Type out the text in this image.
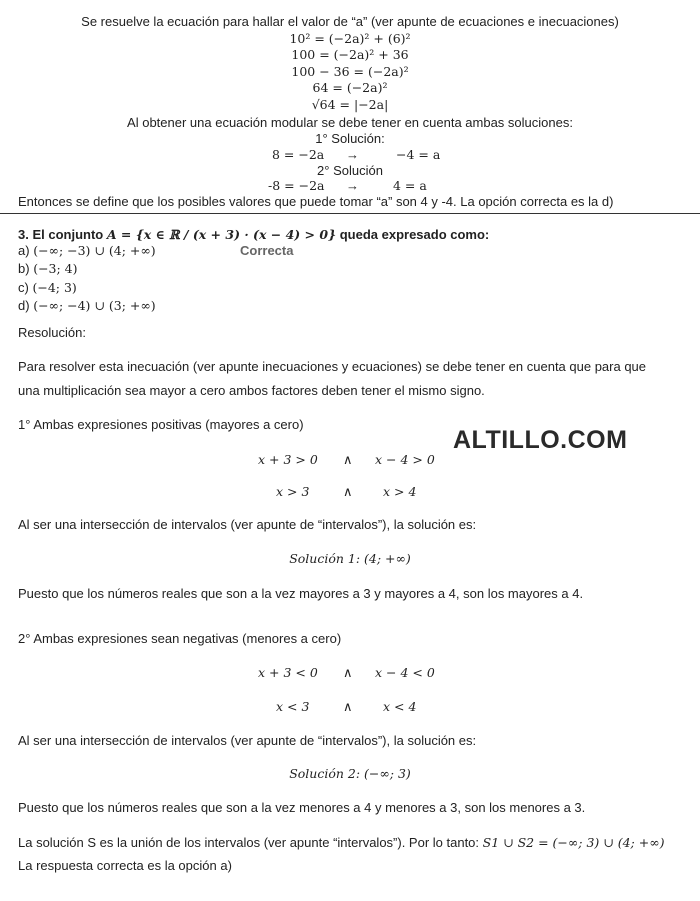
Se resuelve la ecuación para hallar el valor de “a” (ver apunte de ecuaciones e inecuaciones)
10² = (−2a)² + (6)²
100 = (−2a)² + 36
100 − 36 = (−2a)²
64 = (−2a)²
√64 = |−2a|
Al obtener una ecuación modular se debe tener en cuenta ambas soluciones:
1° Solución:
8 = −2a →	−4 = a
2° Solución
-8 = −2a →	4 = a
Entonces se define que los posibles valores que puede tomar “a” son 4 y -4. La opción correcta es la d)
3. El conjunto A = {x ∈ ℝ / (x + 3) · (x − 4) > 0} queda expresado como:
a) (−∞; −3) ∪ (4; +∞)	Correcta
b) (−3; 4)
c) (−4; 3)
d) (−∞; −4) ∪ (3; +∞)
Resolución:
Para resolver esta inecuación (ver apunte inecuaciones y ecuaciones) se debe tener en cuenta que para que
una multiplicación sea mayor a cero ambos factores deben tener el mismo signo.
1° Ambas expresiones positivas (mayores a cero)
ALTILLO.COM
x + 3 > 0 ∧ x − 4 > 0
x > 3	∧ x > 4
Al ser una intersección de intervalos (ver apunte de “intervalos”), la solución es:
Solución 1: (4; +∞)
Puesto que los números reales que son a la vez mayores a 3 y mayores a 4, son los mayores a 4.
2° Ambas expresiones sean negativas (menores a cero)
x + 3 < 0 ∧ x − 4 < 0
x < 3	∧ x < 4
Al ser una intersección de intervalos (ver apunte de “intervalos”), la solución es:
Solución 2: (−∞; 3)
Puesto que los números reales que son a la vez menores a 4 y menores a 3, son los menores a 3.
La solución S es la unión de los intervalos (ver apunte “intervalos”). Por lo tanto: S1 ∪ S2 = (−∞; 3) ∪ (4; +∞)
La respuesta correcta es la opción a)
